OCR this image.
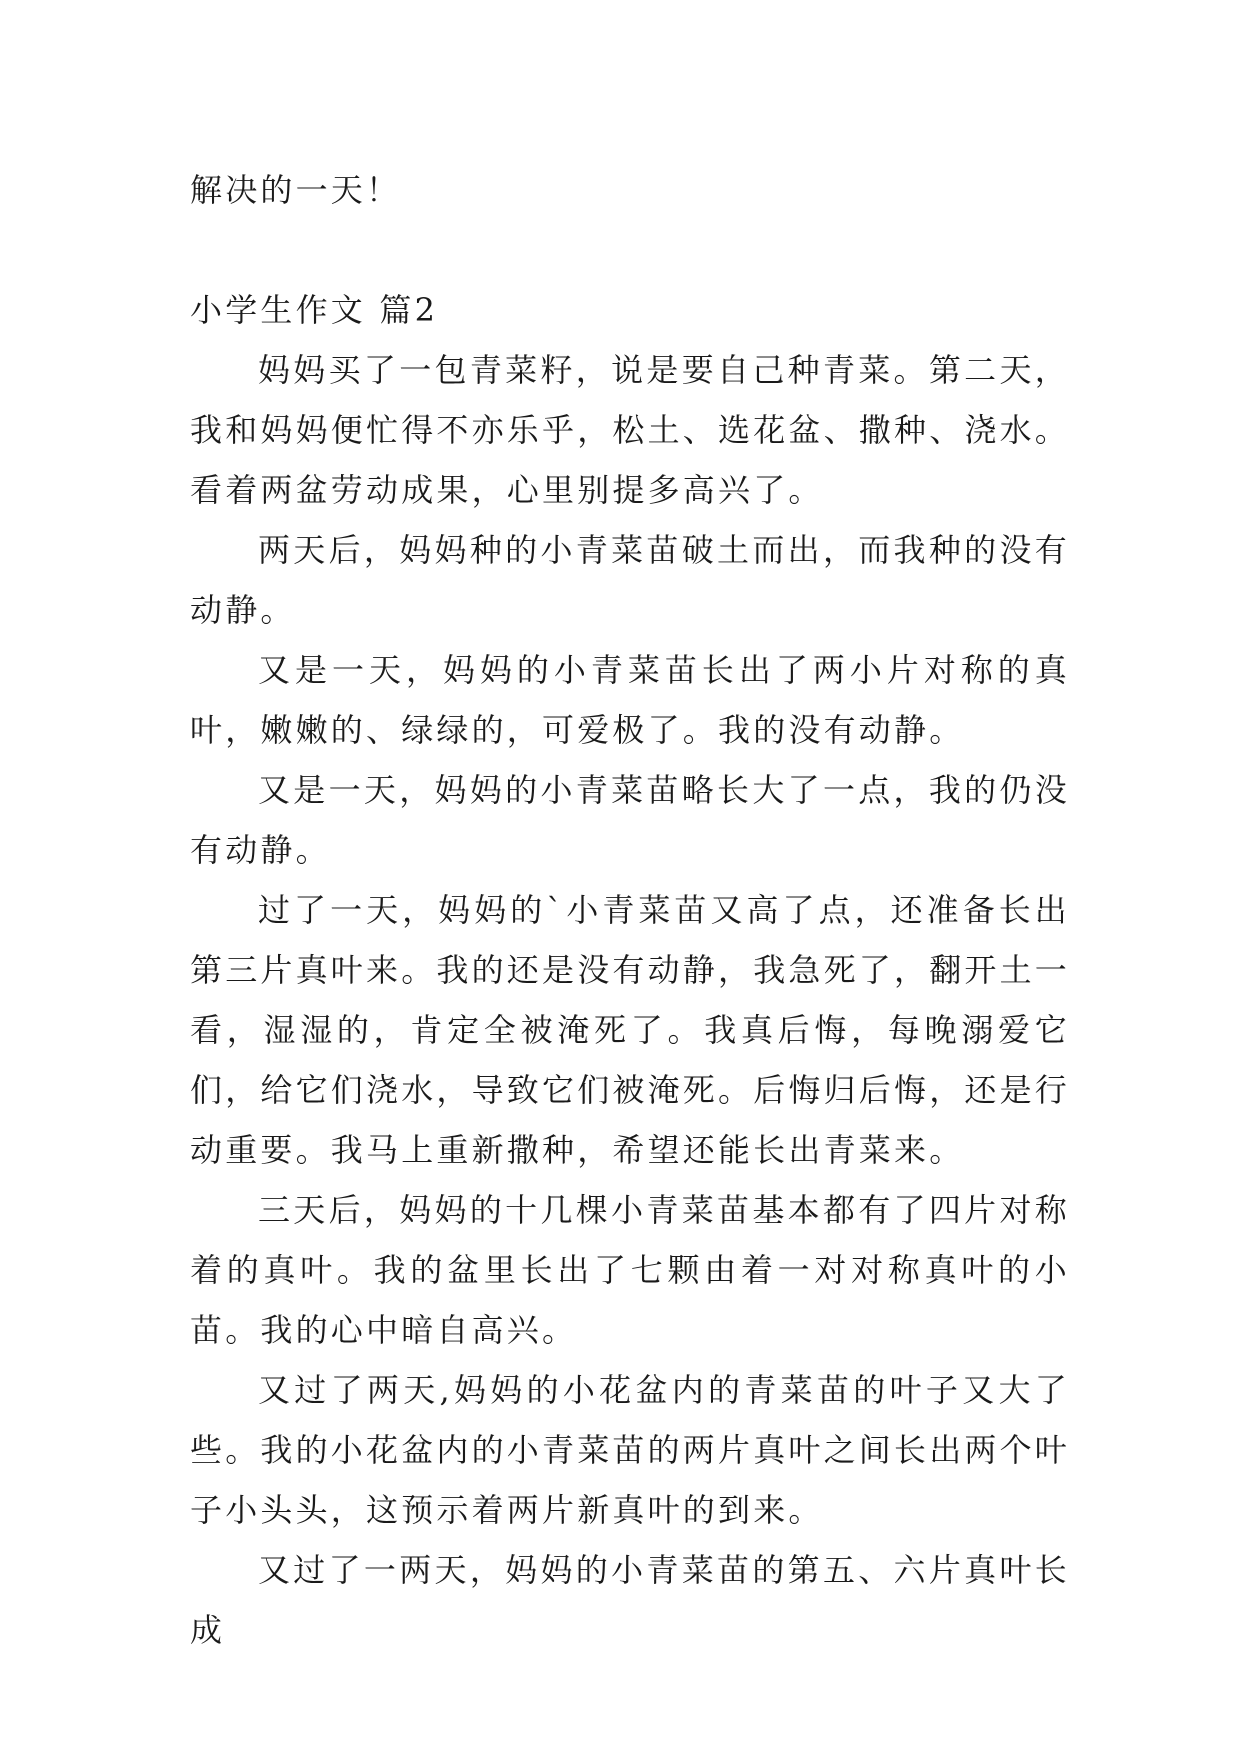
解决的一天！

小学生作文 篇2

妈妈买了一包青菜籽，说是要自己种青菜。第二天，我和妈妈便忙得不亦乐乎，松土、选花盆、撒种、浇水。看着两盆劳动成果，心里别提多高兴了。

两天后，妈妈种的小青菜苗破土而出，而我种的没有动静。

又是一天，妈妈的小青菜苗长出了两小片对称的真叶，嫩嫩的、绿绿的，可爱极了。我的没有动静。

又是一天，妈妈的小青菜苗略长大了一点，我的仍没有动静。

过了一天，妈妈的`小青菜苗又高了点，还准备长出第三片真叶来。我的还是没有动静，我急死了，翻开土一看，湿湿的，肯定全被淹死了。我真后悔，每晚溺爱它们，给它们浇水，导致它们被淹死。后悔归后悔，还是行动重要。我马上重新撒种，希望还能长出青菜来。

三天后，妈妈的十几棵小青菜苗基本都有了四片对称着的真叶。我的盆里长出了七颗由着一对对称真叶的小苗。我的心中暗自高兴。

又过了两天,妈妈的小花盆内的青菜苗的叶子又大了些。我的小花盆内的小青菜苗的两片真叶之间长出两个叶子小头头，这预示着两片新真叶的到来。

又过了一两天，妈妈的小青菜苗的第五、六片真叶长成
